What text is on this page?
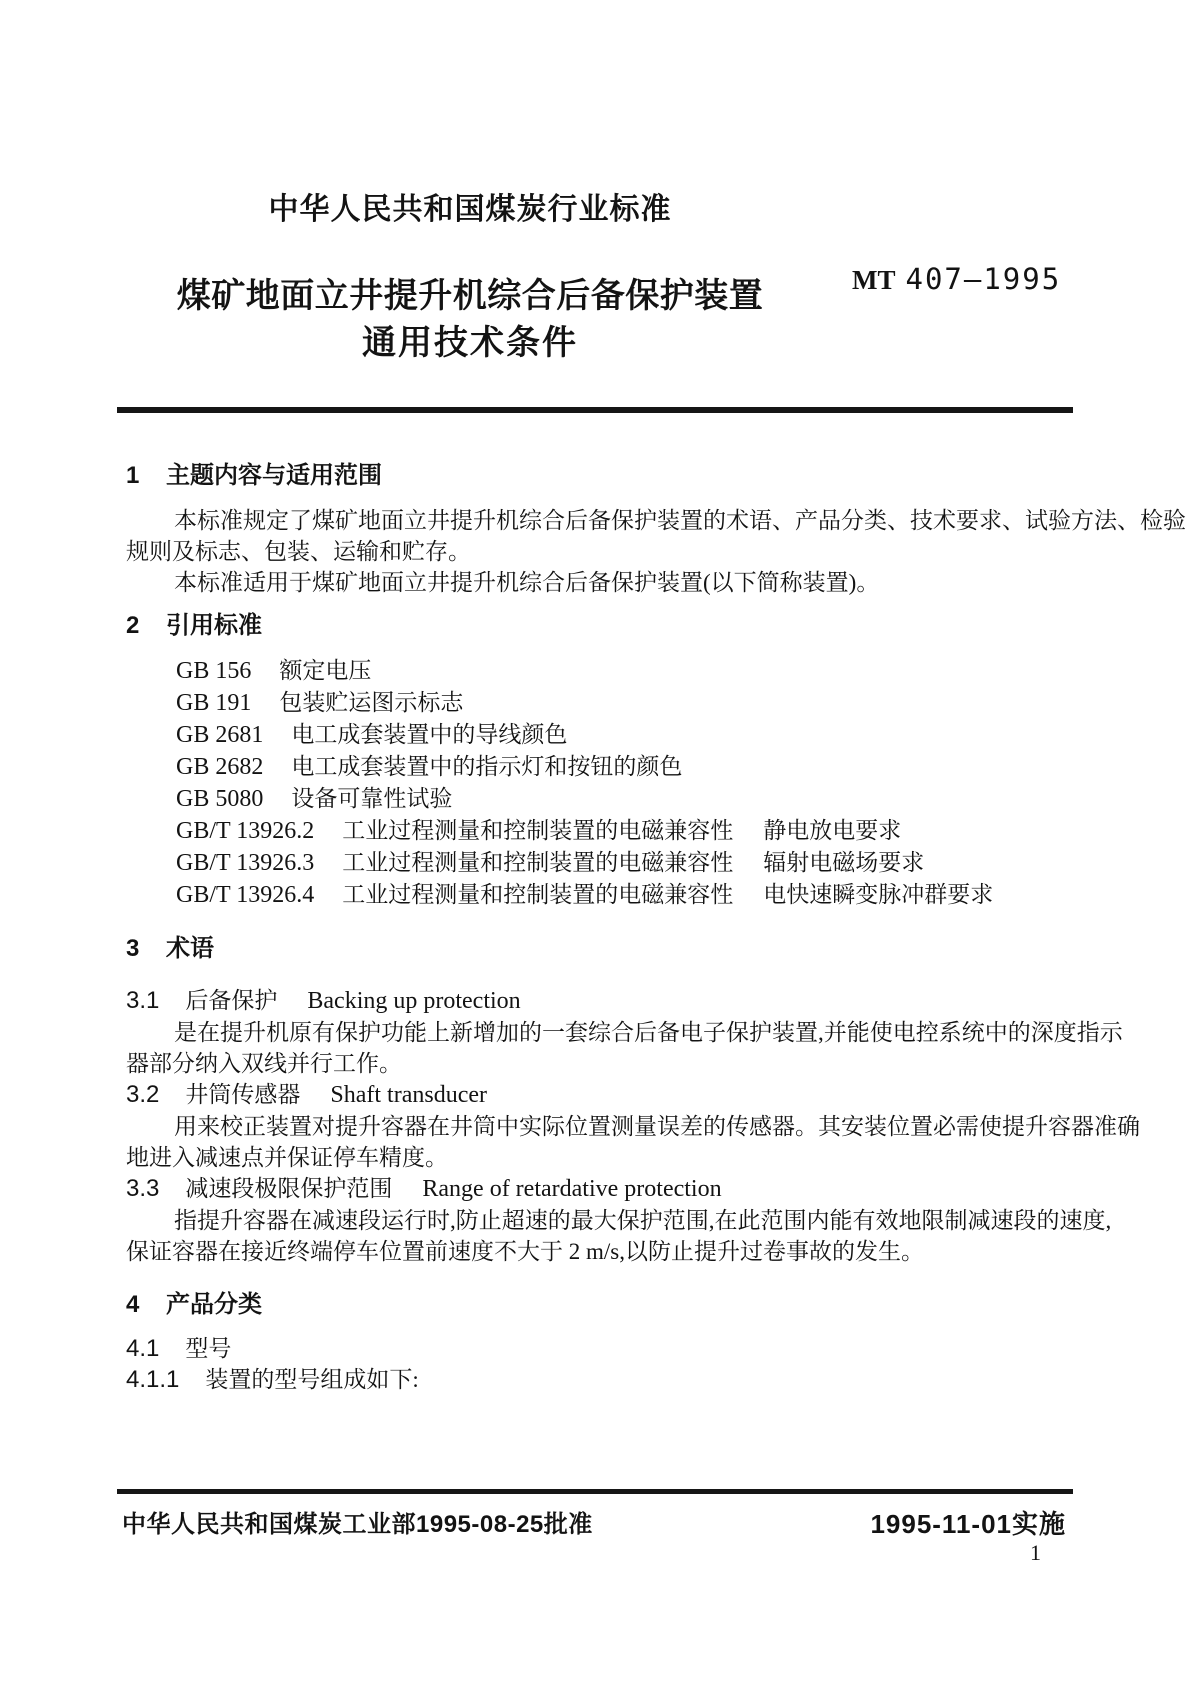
中华人民共和国煤炭行业标准
煤矿地面立井提升机综合后备保护装置
通用技术条件
MT 407—1995
1 主题内容与适用范围
本标准规定了煤矿地面立井提升机综合后备保护装置的术语、产品分类、技术要求、试验方法、检验
规则及标志、包装、运输和贮存。
本标准适用于煤矿地面立井提升机综合后备保护装置(以下简称装置)。
2 引用标准
GB 156 额定电压
GB 191 包装贮运图示标志
GB 2681 电工成套装置中的导线颜色
GB 2682 电工成套装置中的指示灯和按钮的颜色
GB 5080 设备可靠性试验
GB/T 13926.2 工业过程测量和控制装置的电磁兼容性 静电放电要求
GB/T 13926.3 工业过程测量和控制装置的电磁兼容性 辐射电磁场要求
GB/T 13926.4 工业过程测量和控制装置的电磁兼容性 电快速瞬变脉冲群要求
3 术语
3.1 后备保护 Backing up protection
是在提升机原有保护功能上新增加的一套综合后备电子保护装置,并能使电控系统中的深度指示
器部分纳入双线并行工作。
3.2 井筒传感器 Shaft transducer
用来校正装置对提升容器在井筒中实际位置测量误差的传感器。其安装位置必需使提升容器准确
地进入减速点并保证停车精度。
3.3 减速段极限保护范围 Range of retardative protection
指提升容器在减速段运行时,防止超速的最大保护范围,在此范围内能有效地限制减速段的速度,
保证容器在接近终端停车位置前速度不大于 2 m/s,以防止提升过卷事故的发生。
4 产品分类
4.1 型号
4.1.1 装置的型号组成如下:
中华人民共和国煤炭工业部1995-08-25批准	1995-11-01实施
1
